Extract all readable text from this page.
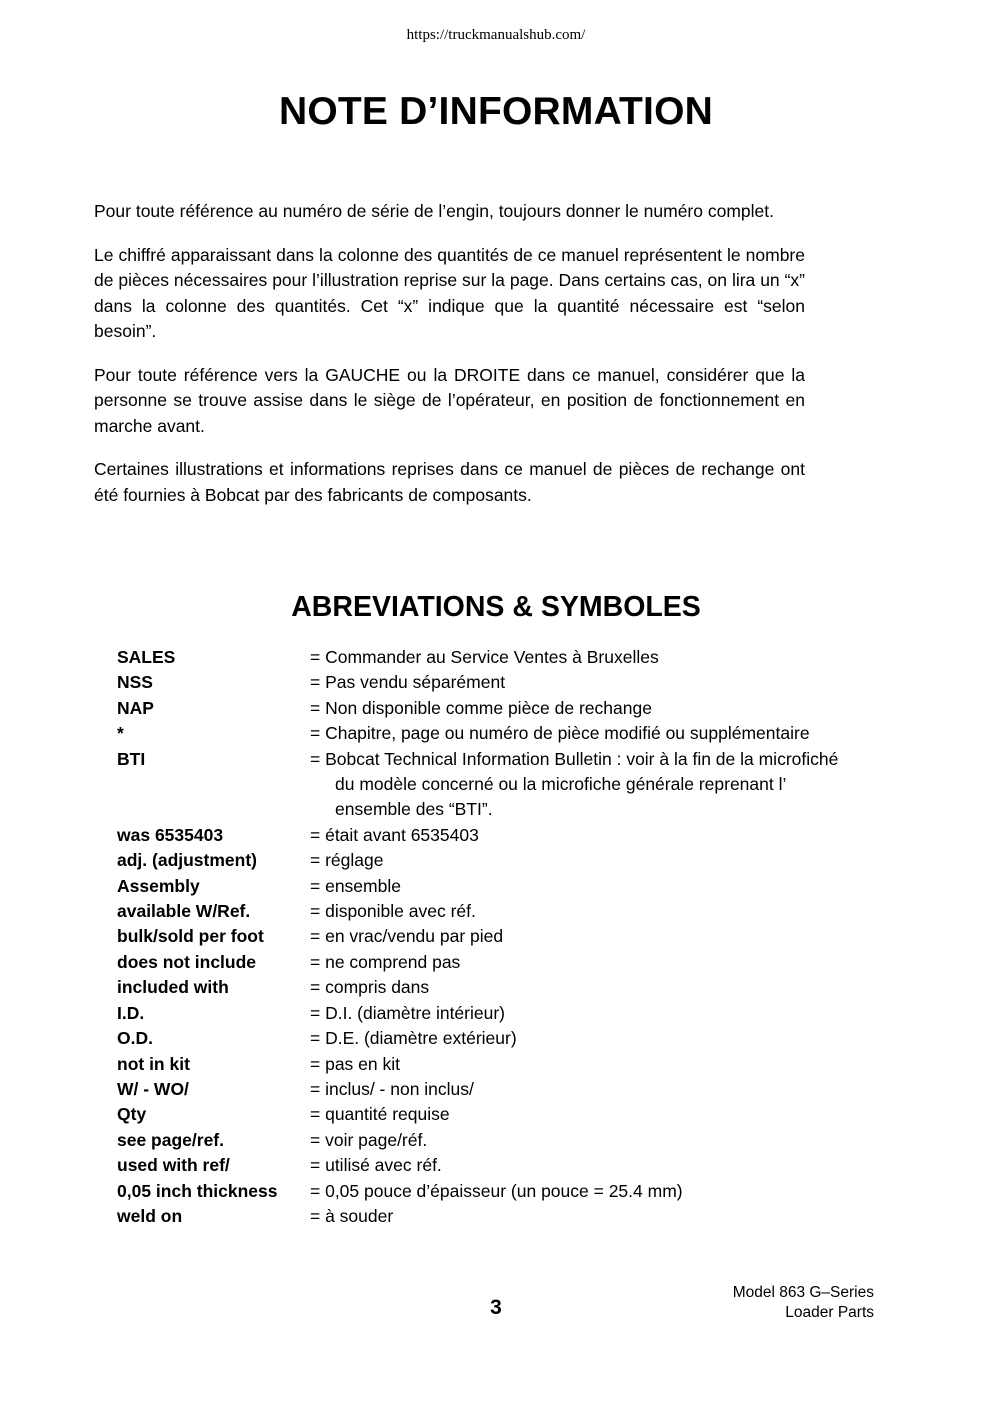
https://truckmanualshub.com/
NOTE D’INFORMATION

Pour toute référence au numéro de série de l’engin, toujours donner le numéro complet.

Le chiffré apparaissant dans la colonne des quantités de ce manuel représentent le nombre de pièces nécessaires pour l’illustration reprise sur la page. Dans certains cas, on lira un “x” dans la colonne des quantités. Cet “x” indique que la quantité nécessaire est “selon besoin”.

Pour toute référence vers la GAUCHE ou la DROITE dans ce manuel, considérer que la personne se trouve assise dans le siège de l’opérateur, en position de fonctionnement en marche avant.

Certaines illustrations et informations reprises dans ce manuel de pièces de rechange ont été fournies à Bobcat par des fabricants de composants.

ABREVIATIONS & SYMBOLES
SALES	= Commander au Service Ventes à Bruxelles
NSS	= Pas vendu séparément
NAP	= Non disponible comme pièce de rechange
*	= Chapitre, page ou numéro de pièce modifié ou supplémentaire
BTI	= Bobcat Technical Information Bulletin : voir à la fin de la microfiché
du modèle concerné ou la microfiche générale reprenant l’
ensemble des “BTI”.
was 6535403	= était avant 6535403
adj. (adjustment)	= réglage
Assembly	= ensemble
available W/Ref.	= disponible avec réf.
bulk/sold per foot	= en vrac/vendu par pied
does not include	= ne comprend pas
included with	= compris dans
I.D.	= D.I. (diamètre intérieur)
O.D.	= D.E. (diamètre extérieur)
not in kit	= pas en kit
W/ - WO/	= inclus/ - non inclus/
Qty	= quantité requise
see page/ref.	= voir page/réf.
used with ref/	= utilisé avec réf.
0,05 inch thickness	= 0,05 pouce d’épaisseur (un pouce = 25.4 mm)
weld on	= à souder
3
Model 863 G–Series
Loader Parts
